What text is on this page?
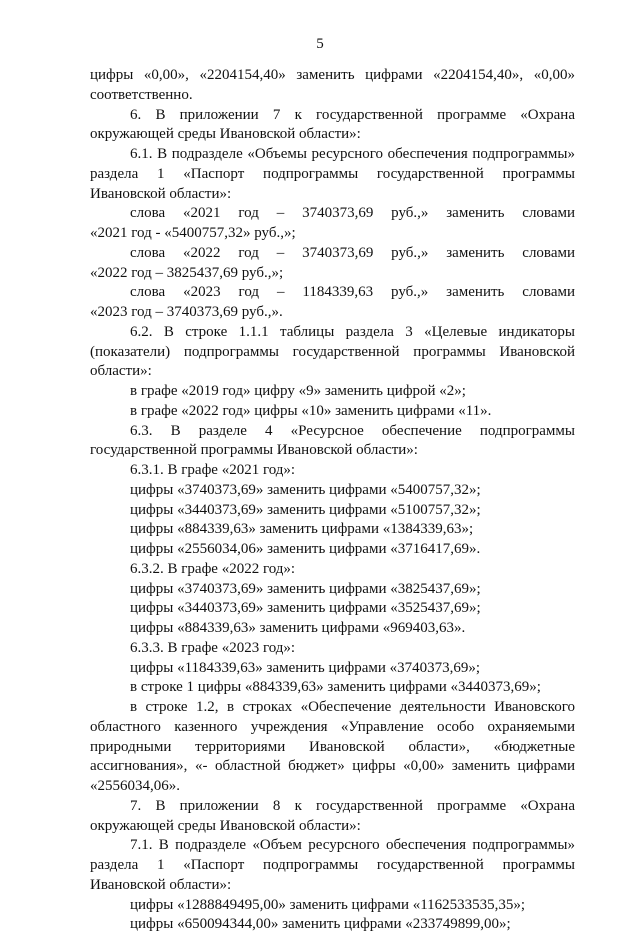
5

цифры «0,00», «2204154,40» заменить цифрами «2204154,40», «0,00» соответственно.

6. В приложении 7 к государственной программе «Охрана окружающей среды Ивановской области»:

6.1. В подразделе «Объемы ресурсного обеспечения подпрограммы» раздела 1 «Паспорт подпрограммы государственной программы Ивановской области»:

слова «2021 год – 3740373,69 руб.,» заменить словами

«2021 год - «5400757,32» руб.,»;

слова «2022 год – 3740373,69 руб.,» заменить словами

«2022 год – 3825437,69 руб.,»;

слова «2023 год – 1184339,63 руб.,» заменить словами

«2023 год – 3740373,69 руб.,».

6.2. В строке 1.1.1 таблицы раздела 3 «Целевые индикаторы (показатели) подпрограммы государственной программы Ивановской области»:

в графе «2019 год» цифру «9» заменить цифрой «2»;

в графе «2022 год» цифры «10» заменить цифрами «11».

6.3. В разделе 4 «Ресурсное обеспечение подпрограммы государственной программы Ивановской области»:

6.3.1. В графе «2021 год»:

цифры «3740373,69» заменить цифрами «5400757,32»;

цифры «3440373,69» заменить цифрами «5100757,32»;

цифры «884339,63» заменить цифрами «1384339,63»;

цифры «2556034,06» заменить цифрами «3716417,69».

6.3.2. В графе «2022 год»:

цифры «3740373,69» заменить цифрами «3825437,69»;

цифры «3440373,69» заменить цифрами «3525437,69»;

цифры «884339,63» заменить цифрами «969403,63».

6.3.3. В графе «2023 год»:

цифры «1184339,63» заменить цифрами «3740373,69»;

в строке 1 цифры «884339,63» заменить цифрами «3440373,69»;

в строке 1.2, в строках «Обеспечение деятельности Ивановского областного казенного учреждения «Управление особо охраняемыми природными территориями Ивановской области», «бюджетные ассигнования», «- областной бюджет» цифры «0,00» заменить цифрами «2556034,06».

7. В приложении 8 к государственной программе «Охрана окружающей среды Ивановской области»:

7.1. В подразделе «Объем ресурсного обеспечения подпрограммы» раздела 1 «Паспорт подпрограммы государственной программы Ивановской области»:

цифры «1288849495,00» заменить цифрами «1162533535,35»;

цифры «650094344,00» заменить цифрами «233749899,00»;
